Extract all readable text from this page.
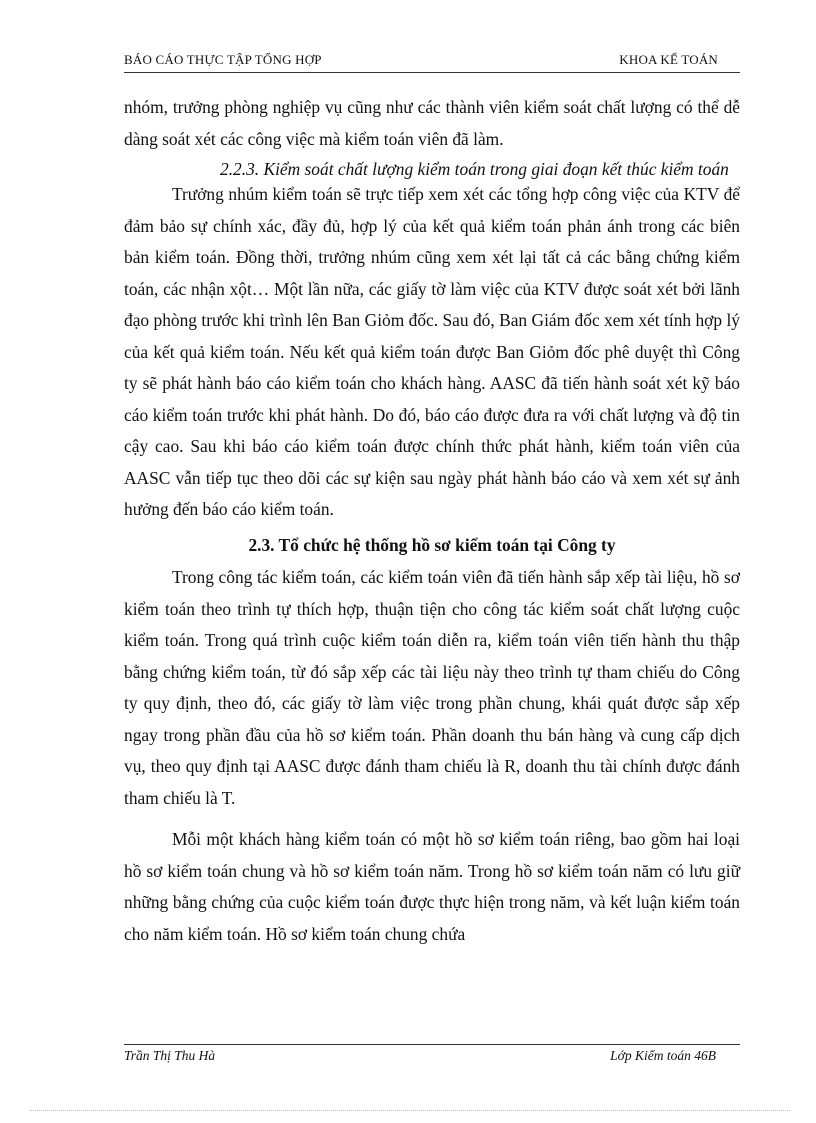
BÁO CÁO THỰC TẬP TỔNG HỢP	KHOA KẾ TOÁN

nhóm, trưởng phòng nghiệp vụ cũng như các thành viên kiểm soát chất lượng có thể dễ dàng soát xét các công việc mà kiểm toán viên đã làm.

2.2.3. Kiểm soát chất lượng kiểm toán trong giai đoạn kết thúc kiểm toán

Trưởng nhúm kiểm toán sẽ trực tiếp xem xét các tổng hợp công việc của KTV để đảm bảo sự chính xác, đầy đủ, hợp lý của kết quả kiểm toán phản ánh trong các biên bản kiểm toán. Đồng thời, trưởng nhúm cũng xem xét lại tất cả các bằng chứng kiểm toán, các nhận xột… Một lần nữa, các giấy tờ làm việc của KTV được soát xét bởi lãnh đạo phòng trước khi trình lên Ban Giỏm đốc. Sau đó, Ban Giám đốc xem xét tính hợp lý của kết quả kiểm toán. Nếu kết quả kiểm toán được Ban Giỏm đốc phê duyệt thì Công ty sẽ phát hành báo cáo kiểm toán cho khách hàng. AASC đã tiến hành soát xét kỹ báo cáo kiểm toán trước khi phát hành. Do đó, báo cáo được đưa ra với chất lượng và độ tin cậy cao. Sau khi báo cáo kiểm toán được chính thức phát hành, kiểm toán viên của AASC vẫn tiếp tục theo dõi các sự kiện sau ngày phát hành báo cáo và xem xét sự ảnh hưởng đến báo cáo kiểm toán.

2.3. Tổ chức hệ thống hồ sơ kiểm toán tại Công ty

Trong công tác kiểm toán, các kiểm toán viên đã tiến hành sắp xếp tài liệu, hồ sơ kiểm toán theo trình tự thích hợp, thuận tiện cho công tác kiểm soát chất lượng cuộc kiểm toán. Trong quá trình cuộc kiểm toán diễn ra, kiểm toán viên tiến hành thu thập bằng chứng kiểm toán, từ đó sắp xếp các tài liệu này theo trình tự tham chiếu do Công ty quy định, theo đó, các giấy tờ làm việc trong phần chung, khái quát được sắp xếp ngay trong phần đầu của hồ sơ kiểm toán. Phần doanh thu bán hàng và cung cấp dịch vụ, theo quy định tại AASC được đánh tham chiếu là R, doanh thu tài chính được đánh tham chiếu là T.

Mỗi một khách hàng kiểm toán có một hồ sơ kiểm toán riêng, bao gồm hai loại hồ sơ kiểm toán chung và hồ sơ kiểm toán năm. Trong hồ sơ kiểm toán năm có lưu giữ những bằng chứng của cuộc kiểm toán được thực hiện trong năm, và kết luận kiểm toán cho năm kiểm toán. Hồ sơ kiểm toán chung chứa

Trần Thị Thu Hà	Lớp Kiểm toán 46B
